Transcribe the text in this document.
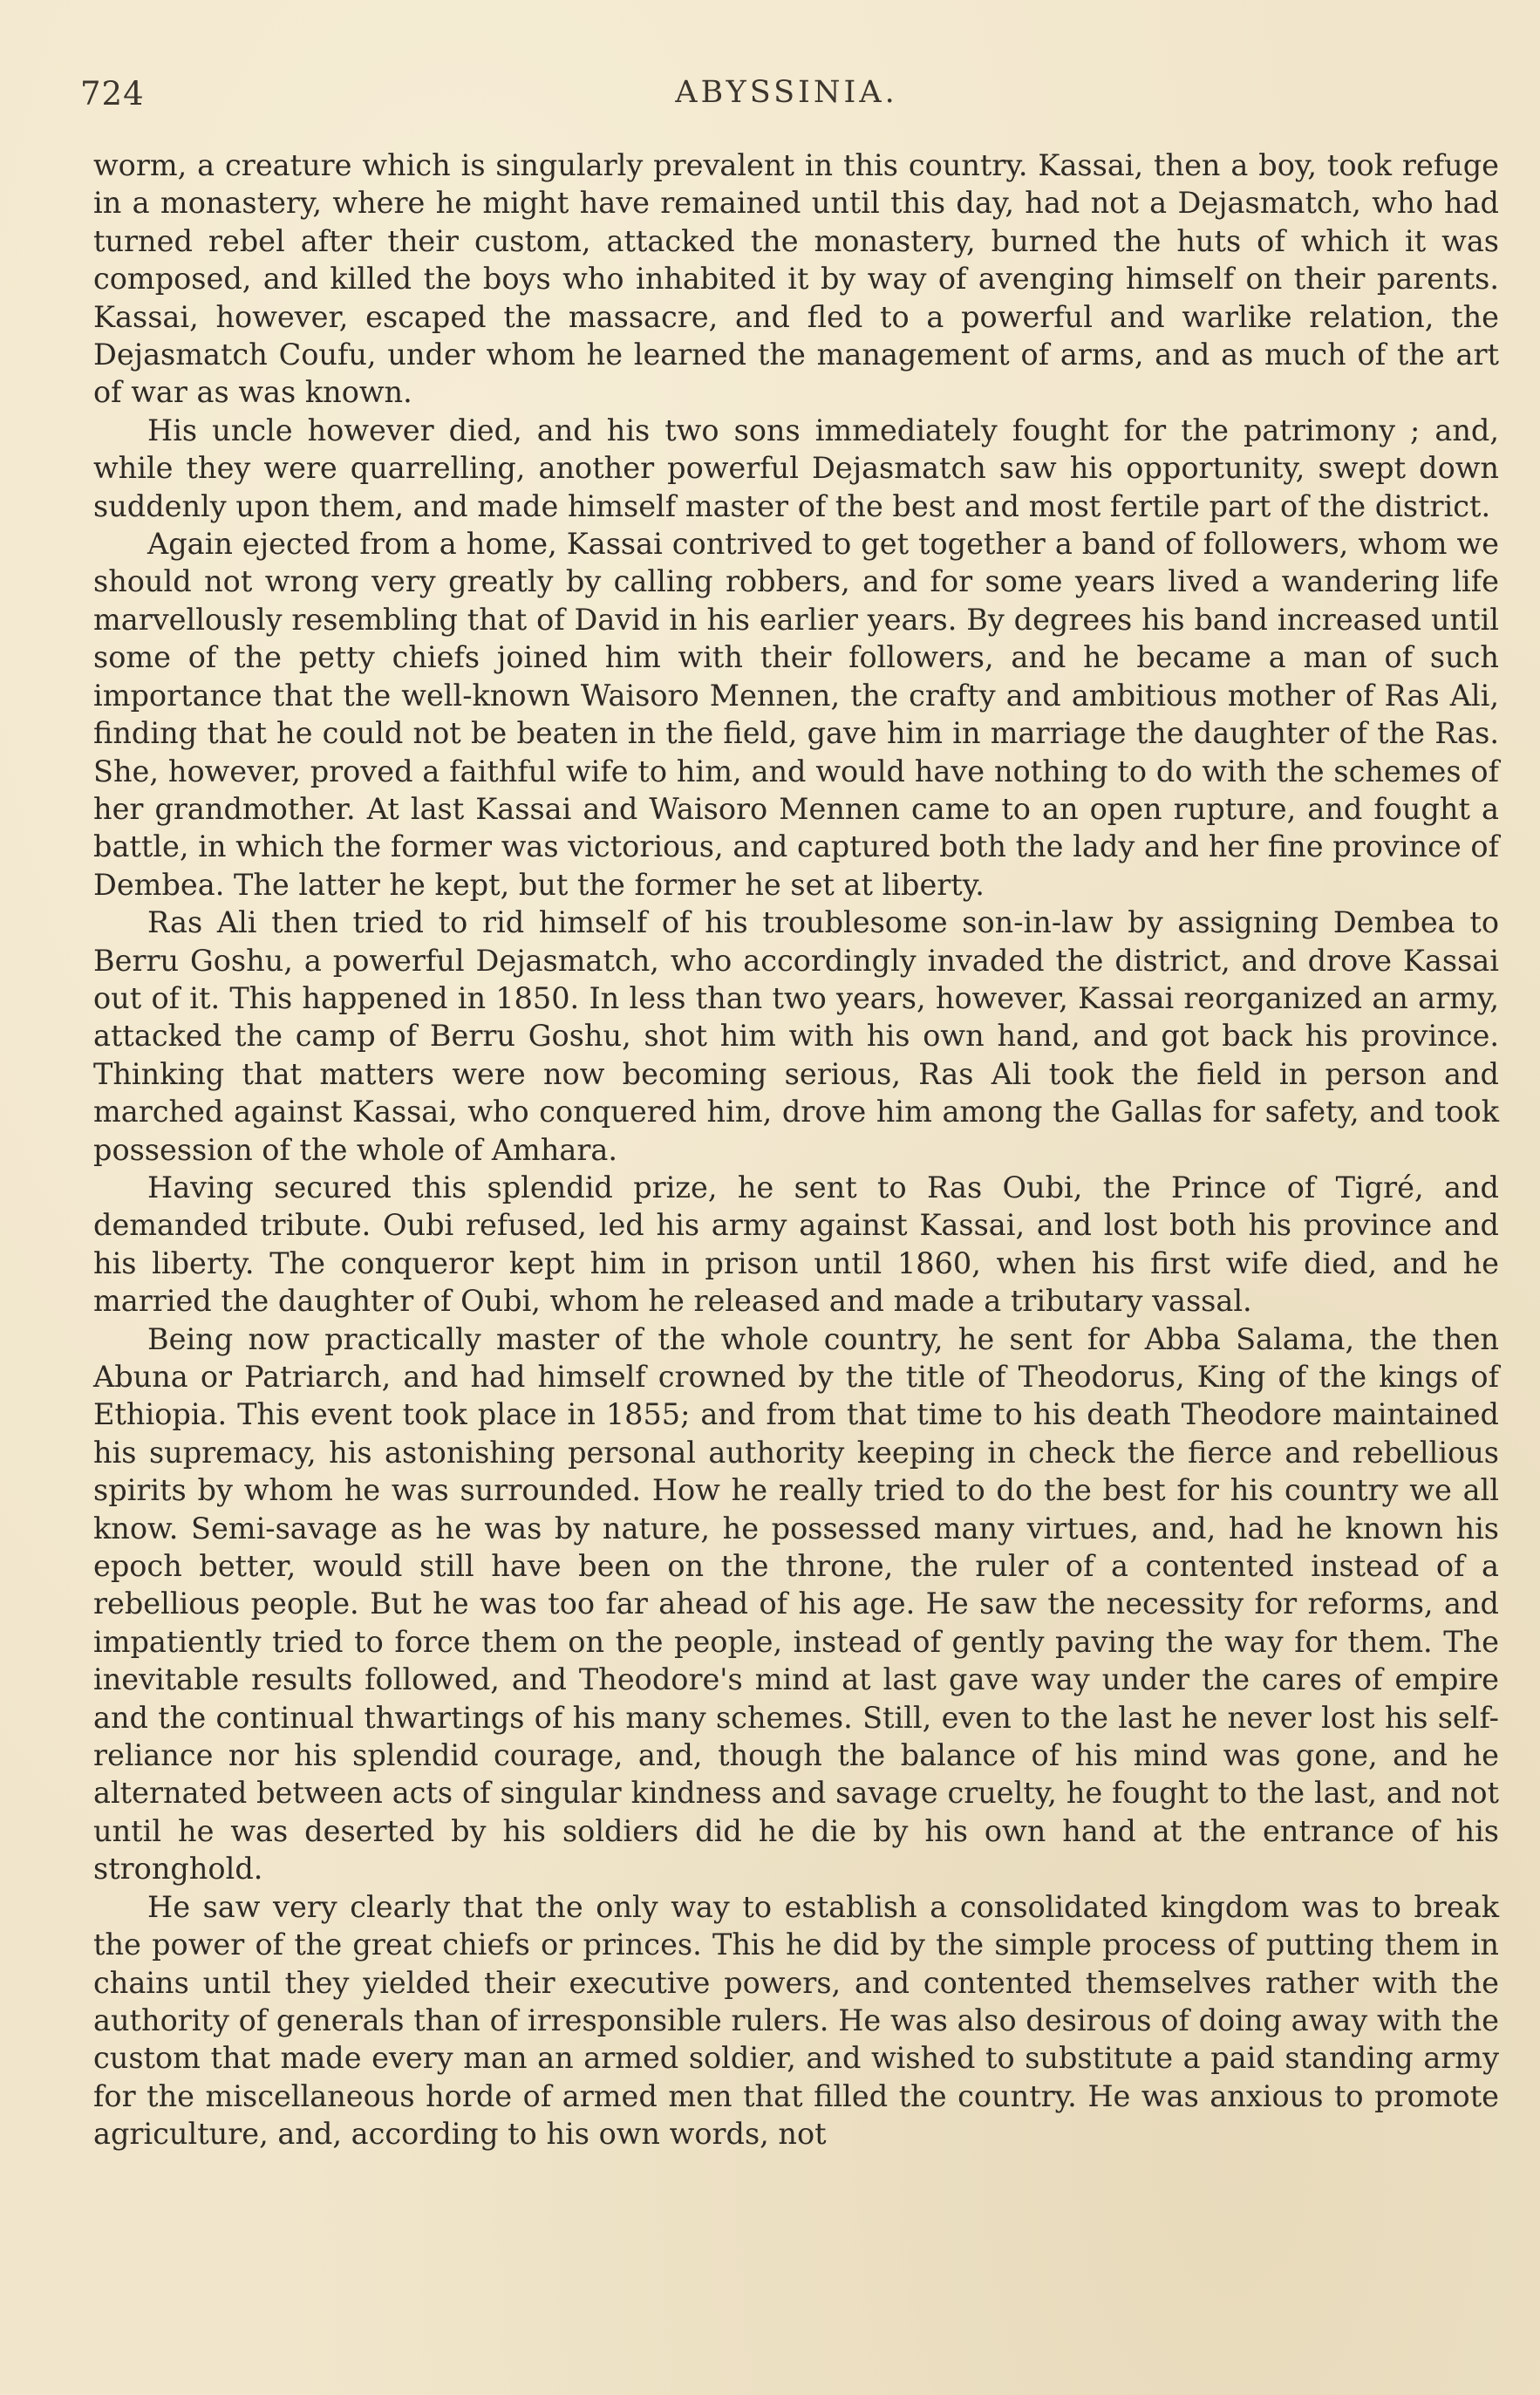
724	ABYSSINIA.

worm, a creature which is singularly prevalent in this country. Kassai, then a boy, took refuge in a monastery, where he might have remained until this day, had not a Dejasmatch, who had turned rebel after their custom, attacked the monastery, burned the huts of which it was composed, and killed the boys who inhabited it by way of avenging himself on their parents. Kassai, however, escaped the massacre, and fled to a powerful and warlike relation, the Dejasmatch Coufu, under whom he learned the management of arms, and as much of the art of war as was known.

His uncle however died, and his two sons immediately fought for the patrimony ; and, while they were quarrelling, another powerful Dejasmatch saw his opportunity, swept down suddenly upon them, and made himself master of the best and most fertile part of the district.

Again ejected from a home, Kassai contrived to get together a band of followers, whom we should not wrong very greatly by calling robbers, and for some years lived a wandering life marvellously resembling that of David in his earlier years. By degrees his band increased until some of the petty chiefs joined him with their followers, and he became a man of such importance that the well-known Waisoro Mennen, the crafty and ambitious mother of Ras Ali, finding that he could not be beaten in the field, gave him in marriage the daughter of the Ras. She, however, proved a faithful wife to him, and would have nothing to do with the schemes of her grandmother. At last Kassai and Waisoro Mennen came to an open rupture, and fought a battle, in which the former was victorious, and captured both the lady and her fine province of Dembea. The latter he kept, but the former he set at liberty.

Ras Ali then tried to rid himself of his troublesome son-in-law by assigning Dembea to Berru Goshu, a powerful Dejasmatch, who accordingly invaded the district, and drove Kassai out of it. This happened in 1850. In less than two years, however, Kassai reorganized an army, attacked the camp of Berru Goshu, shot him with his own hand, and got back his province. Thinking that matters were now becoming serious, Ras Ali took the field in person and marched against Kassai, who conquered him, drove him among the Gallas for safety, and took possession of the whole of Amhara.

Having secured this splendid prize, he sent to Ras Oubi, the Prince of Tigré, and demanded tribute. Oubi refused, led his army against Kassai, and lost both his province and his liberty. The conqueror kept him in prison until 1860, when his first wife died, and he married the daughter of Oubi, whom he released and made a tributary vassal.

Being now practically master of the whole country, he sent for Abba Salama, the then Abuna or Patriarch, and had himself crowned by the title of Theodorus, King of the kings of Ethiopia. This event took place in 1855; and from that time to his death Theodore maintained his supremacy, his astonishing personal authority keeping in check the fierce and rebellious spirits by whom he was surrounded. How he really tried to do the best for his country we all know. Semi-savage as he was by nature, he possessed many virtues, and, had he known his epoch better, would still have been on the throne, the ruler of a contented instead of a rebellious people. But he was too far ahead of his age. He saw the necessity for reforms, and impatiently tried to force them on the people, instead of gently paving the way for them. The inevitable results followed, and Theodore's mind at last gave way under the cares of empire and the continual thwartings of his many schemes. Still, even to the last he never lost his self-reliance nor his splendid courage, and, though the balance of his mind was gone, and he alternated between acts of singular kindness and savage cruelty, he fought to the last, and not until he was deserted by his soldiers did he die by his own hand at the entrance of his stronghold.

He saw very clearly that the only way to establish a consolidated kingdom was to break the power of the great chiefs or princes. This he did by the simple process of putting them in chains until they yielded their executive powers, and contented themselves rather with the authority of generals than of irresponsible rulers. He was also desirous of doing away with the custom that made every man an armed soldier, and wished to substitute a paid standing army for the miscellaneous horde of armed men that filled the country. He was anxious to promote agriculture, and, according to his own words, not
